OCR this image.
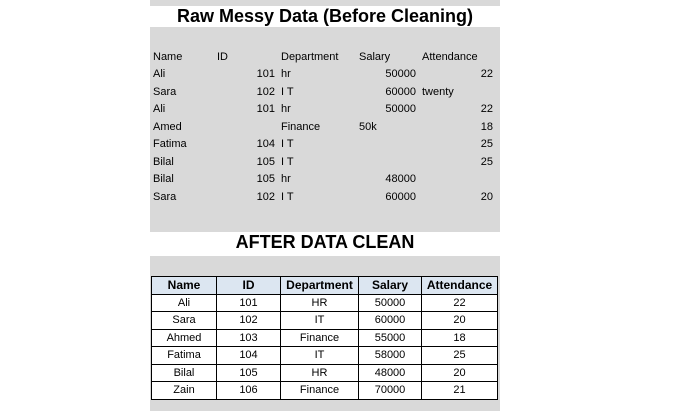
Raw Messy Data (Before Cleaning)
Name	ID	Department	Salary	Attendance
Ali	101	hr	50000	22
Sara	102	I T	60000	twenty
Ali	101	hr	50000	22
Amed		Finance	50k	18
Fatima	104	I T		25
Bilal	105	I T		25
Bilal	105	hr	48000	
Sara	102	I T	60000	20
AFTER DATA CLEAN
Name	ID	Department	Salary	Attendance
Ali	101	HR	50000	22
Sara	102	IT	60000	20
Ahmed	103	Finance	55000	18
Fatima	104	IT	58000	25
Bilal	105	HR	48000	20
Zain	106	Finance	70000	21
